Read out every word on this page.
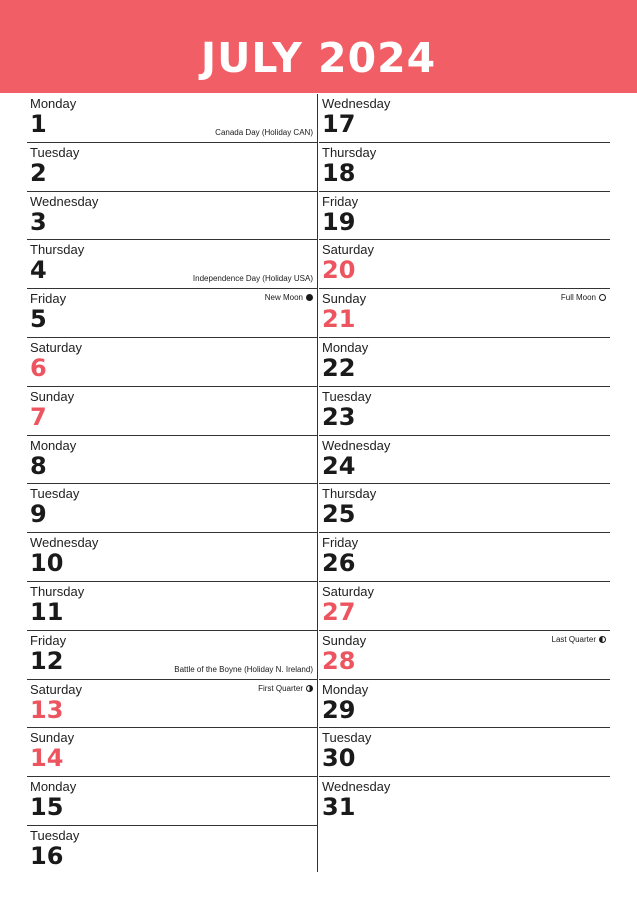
JULY 2024
Monday
1	Canada Day (Holiday CAN)
Tuesday
2
Wednesday
3
Thursday
4	Independence Day (Holiday USA)
Friday
5
New Moon
Saturday
6
Sunday
7
Monday
8
Tuesday
9
Wednesday
10
Thursday
11
Friday
12	Battle of the Boyne (Holiday N. Ireland)
Saturday
13
First Quarter
Sunday
14
Monday
15
Tuesday
16
Wednesday
17
Thursday
18
Friday
19
Saturday
20
Sunday
21
Full Moon
Monday
22
Tuesday
23
Wednesday
24
Thursday
25
Friday
26
Saturday
27
Sunday
28
Last Quarter
Monday
29
Tuesday
30
Wednesday
31
